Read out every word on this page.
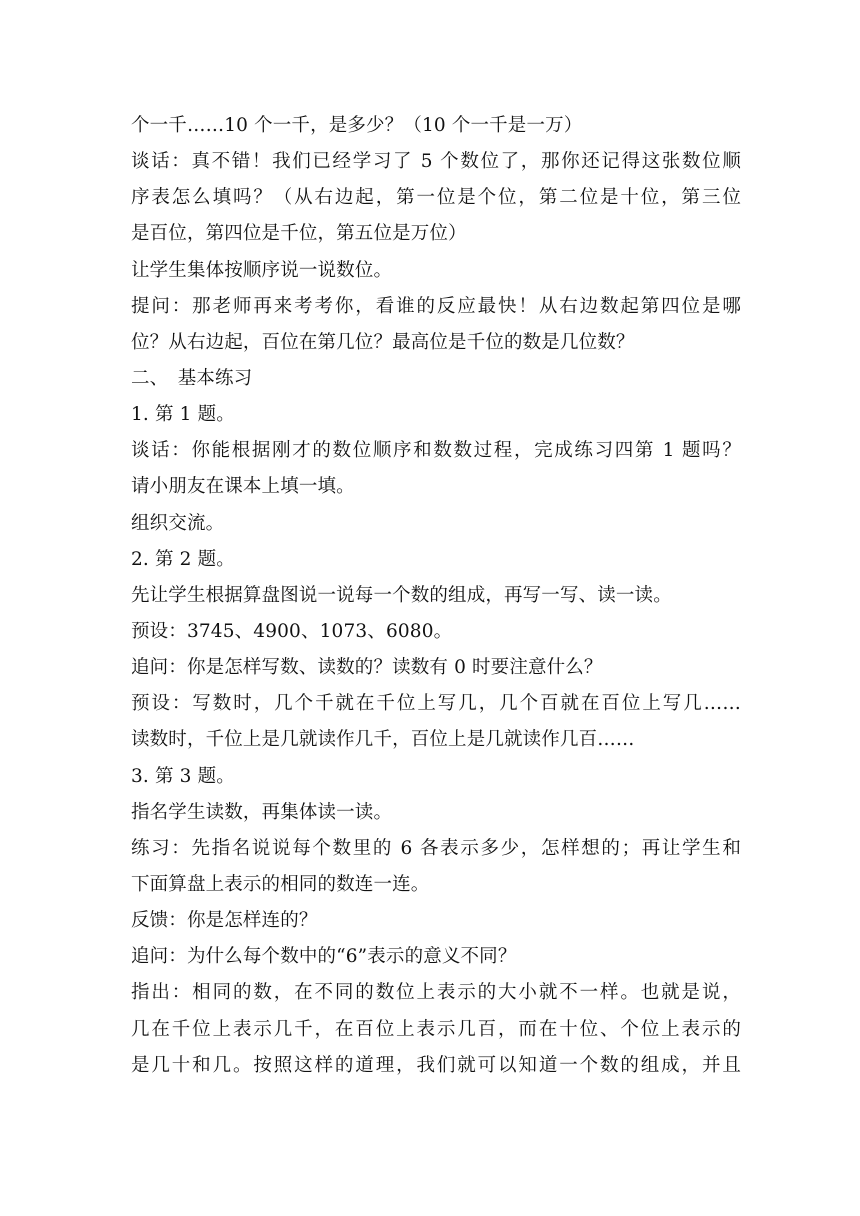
个一千……10 个一千，是多少？（10 个一千是一万）
谈话：真不错！我们已经学习了 5 个数位了，那你还记得这张数位顺
序表怎么填吗？（从右边起，第一位是个位，第二位是十位，第三位
是百位，第四位是千位，第五位是万位）
让学生集体按顺序说一说数位。
提问：那老师再来考考你，看谁的反应最快！从右边数起第四位是哪
位？从右边起，百位在第几位？最高位是千位的数是几位数？
二、　基本练习
1. 第 1 题。
谈话：你能根据刚才的数位顺序和数数过程，完成练习四第 1 题吗？
请小朋友在课本上填一填。
组织交流。
2. 第 2 题。
先让学生根据算盘图说一说每一个数的组成，再写一写、读一读。
预设：3745、4900、1073、6080。
追问：你是怎样写数、读数的？读数有 0 时要注意什么？
预设：写数时，几个千就在千位上写几，几个百就在百位上写几……
读数时，千位上是几就读作几千，百位上是几就读作几百……
3. 第 3 题。
指名学生读数，再集体读一读。
练习：先指名说说每个数里的 6 各表示多少，怎样想的；再让学生和
下面算盘上表示的相同的数连一连。
反馈：你是怎样连的？
追问：为什么每个数中的“6”表示的意义不同？
指出：相同的数，在不同的数位上表示的大小就不一样。也就是说，
几在千位上表示几千，在百位上表示几百，而在十位、个位上表示的
是几十和几。按照这样的道理，我们就可以知道一个数的组成，并且
